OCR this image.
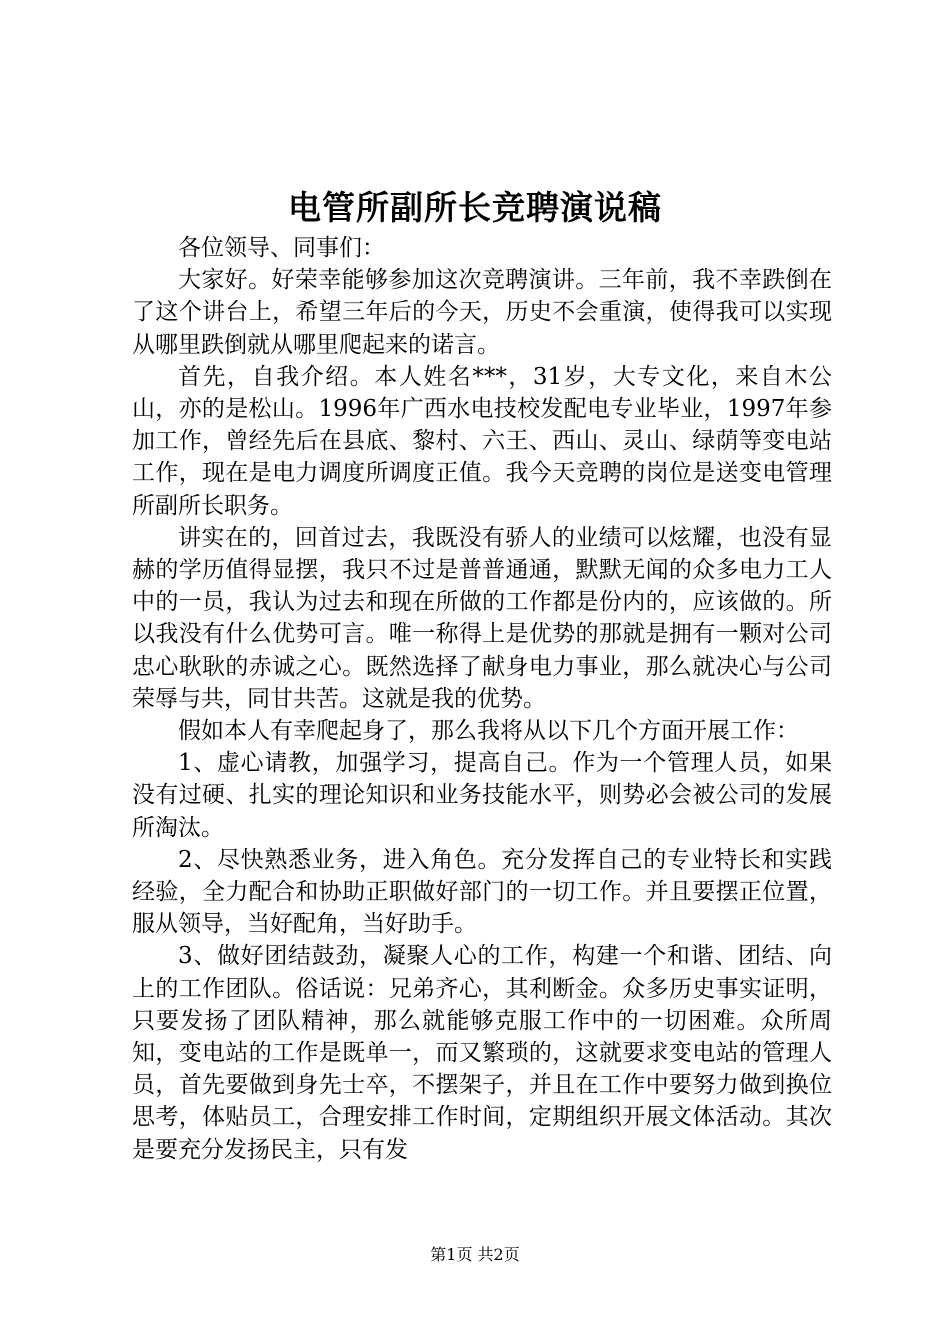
电管所副所长竞聘演说稿

各位领导、同事们：

大家好。好荣幸能够参加这次竞聘演讲。三年前，我不幸跌倒在了这个讲台上，希望三年后的今天，历史不会重演，使得我可以实现从哪里跌倒就从哪里爬起来的诺言。

首先，自我介绍。本人姓名***，31岁，大专文化，来自木公山，亦的是松山。1996年广西水电技校发配电专业毕业，1997年参加工作，曾经先后在县底、黎村、六王、西山、灵山、绿荫等变电站工作，现在是电力调度所调度正值。我今天竞聘的岗位是送变电管理所副所长职务。

讲实在的，回首过去，我既没有骄人的业绩可以炫耀，也没有显赫的学历值得显摆，我只不过是普普通通，默默无闻的众多电力工人中的一员，我认为过去和现在所做的工作都是份内的，应该做的。所以我没有什么优势可言。唯一称得上是优势的那就是拥有一颗对公司忠心耿耿的赤诚之心。既然选择了献身电力事业，那么就决心与公司荣辱与共，同甘共苦。这就是我的优势。

假如本人有幸爬起身了，那么我将从以下几个方面开展工作：

1、虚心请教，加强学习，提高自己。作为一个管理人员，如果没有过硬、扎实的理论知识和业务技能水平，则势必会被公司的发展所淘汰。

2、尽快熟悉业务，进入角色。充分发挥自己的专业特长和实践经验，全力配合和协助正职做好部门的一切工作。并且要摆正位置，服从领导，当好配角，当好助手。

3、做好团结鼓劲，凝聚人心的工作，构建一个和谐、团结、向上的工作团队。俗话说：兄弟齐心，其利断金。众多历史事实证明，只要发扬了团队精神，那么就能够克服工作中的一切困难。众所周知，变电站的工作是既单一，而又繁琐的，这就要求变电站的管理人员，首先要做到身先士卒，不摆架子，并且在工作中要努力做到换位思考，体贴员工，合理安排工作时间，定期组织开展文体活动。其次是要充分发扬民主，只有发

第1页 共2页
